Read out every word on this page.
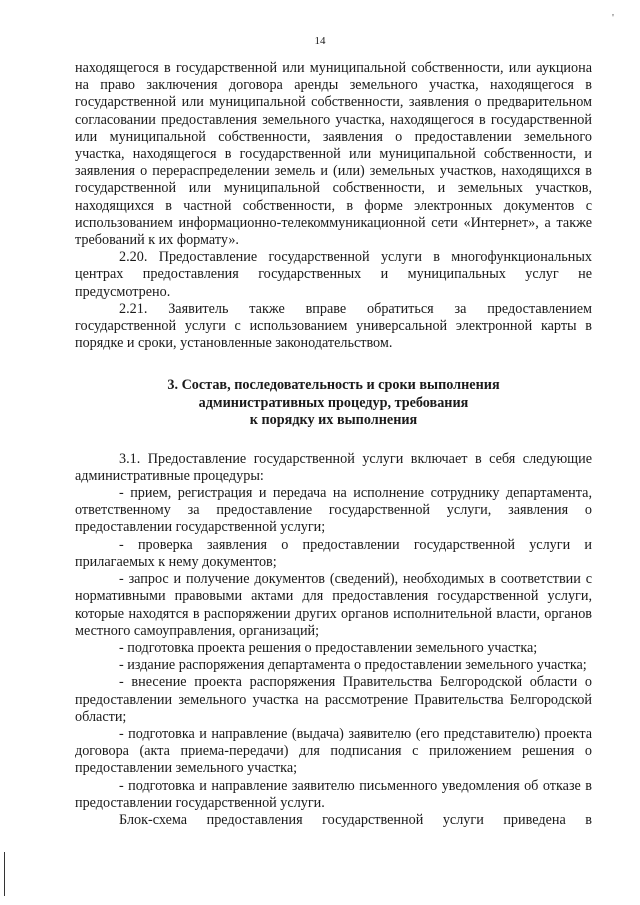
'
14

находящегося в государственной или муниципальной собственности, или аукциона на право заключения договора аренды земельного участка, находящегося в государственной или муниципальной собственности, заявления о предварительном согласовании предоставления земельного участка, находящегося в государственной или муниципальной собственности, заявления о предоставлении земельного участка, находящегося в государственной или муниципальной собственности, и заявления о перераспределении земель и (или) земельных участков, находящихся в государственной или муниципальной собственности, и земельных участков, находящихся в частной собственности, в форме электронных документов с использованием информационно-телекоммуникационной сети «Интернет», а также требований к их формату».

2.20. Предоставление государственной услуги в многофункциональных центрах предоставления государственных и муниципальных услуг не предусмотрено.

2.21. Заявитель также вправе обратиться за предоставлением государственной услуги с использованием универсальной электронной карты в порядке и сроки, установленные законодательством.

3. Состав, последовательность и сроки выполнения
административных процедур, требования
к порядку их выполнения

3.1. Предоставление государственной услуги включает в себя следующие административные процедуры:

- прием, регистрация и передача на исполнение сотруднику департамента, ответственному за предоставление государственной услуги, заявления о предоставлении государственной услуги;

- проверка заявления о предоставлении государственной услуги и прилагаемых к нему документов;

- запрос и получение документов (сведений), необходимых в соответствии с нормативными правовыми актами для предоставления государственной услуги, которые находятся в распоряжении других органов исполнительной власти, органов местного самоуправления, организаций;

- подготовка проекта решения о предоставлении земельного участка;

- издание распоряжения департамента о предоставлении земельного участка;

- внесение проекта распоряжения Правительства Белгородской области о предоставлении земельного участка на рассмотрение Правительства Белгородской области;

- подготовка и направление (выдача) заявителю (его представителю) проекта договора (акта приема-передачи) для подписания с приложением решения о предоставлении земельного участка;

- подготовка и направление заявителю письменного уведомления об отказе в предоставлении государственной услуги.

Блок-схема предоставления государственной услуги приведена в
